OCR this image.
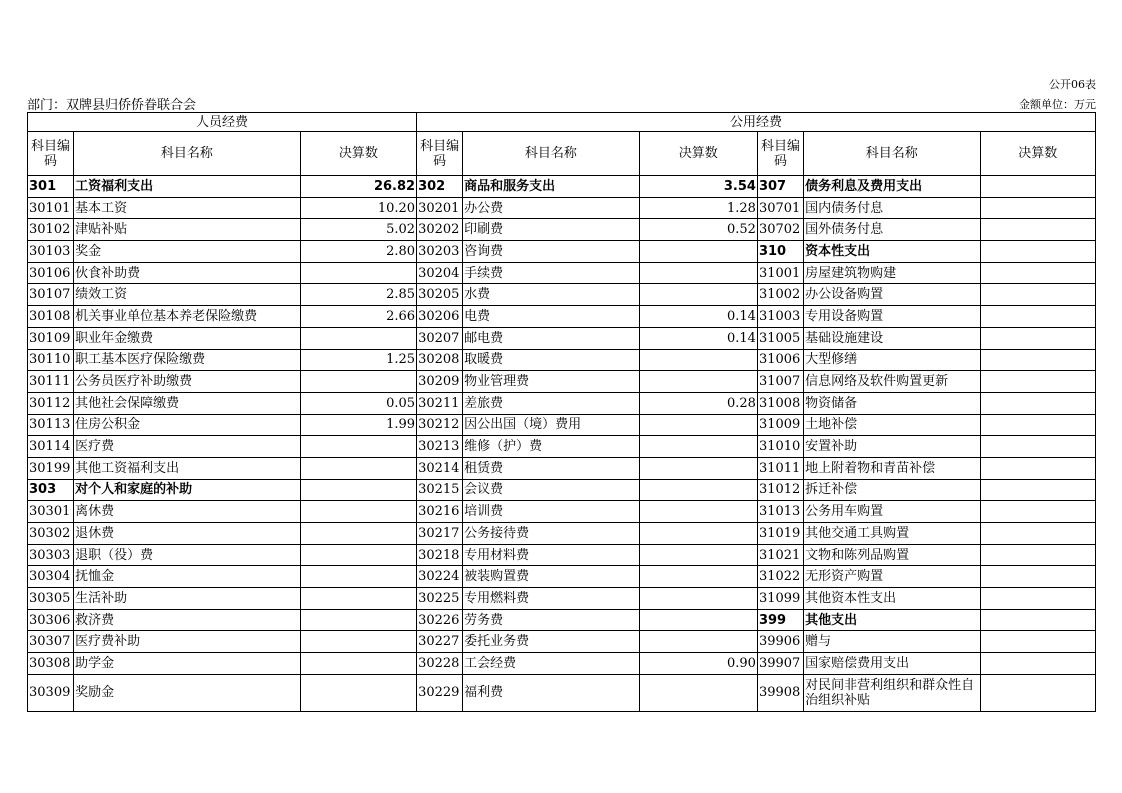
公开06表
部门：双牌县归侨侨眷联合会	金额单位：万元
人员经费			公用经费					
科目编码	科目名称	决算数	科目编码	科目名称	决算数	科目编码	科目名称	决算数
301	工资福利支出	26.82	302	商品和服务支出	3.54	307	债务利息及费用支出	
30101	基本工资	10.20	30201	办公费	1.28	30701	国内债务付息	
30102	津贴补贴	5.02	30202	印刷费	0.52	30702	国外债务付息	
30103	奖金	2.80	30203	咨询费		310	资本性支出	
30106	伙食补助费		30204	手续费		31001	房屋建筑物购建	
30107	绩效工资	2.85	30205	水费		31002	办公设备购置	
30108	机关事业单位基本养老保险缴费	2.66	30206	电费	0.14	31003	专用设备购置	
30109	职业年金缴费		30207	邮电费	0.14	31005	基础设施建设	
30110	职工基本医疗保险缴费	1.25	30208	取暖费		31006	大型修缮	
30111	公务员医疗补助缴费		30209	物业管理费		31007	信息网络及软件购置更新	
30112	其他社会保障缴费	0.05	30211	差旅费	0.28	31008	物资储备	
30113	住房公积金	1.99	30212	因公出国（境）费用		31009	土地补偿	
30114	医疗费		30213	维修（护）费		31010	安置补助	
30199	其他工资福利支出		30214	租赁费		31011	地上附着物和青苗补偿	
303	对个人和家庭的补助		30215	会议费		31012	拆迁补偿	
30301	离休费		30216	培训费		31013	公务用车购置	
30302	退休费		30217	公务接待费		31019	其他交通工具购置	
30303	退职（役）费		30218	专用材料费		31021	文物和陈列品购置	
30304	抚恤金		30224	被装购置费		31022	无形资产购置	
30305	生活补助		30225	专用燃料费		31099	其他资本性支出	
30306	救济费		30226	劳务费		399	其他支出	
30307	医疗费补助		30227	委托业务费		39906	赠与	
30308	助学金		30228	工会经费	0.90	39907	国家赔偿费用支出	
30309	奖励金		30229	福利费		39908	对民间非营利组织和群众性自治组织补贴	
